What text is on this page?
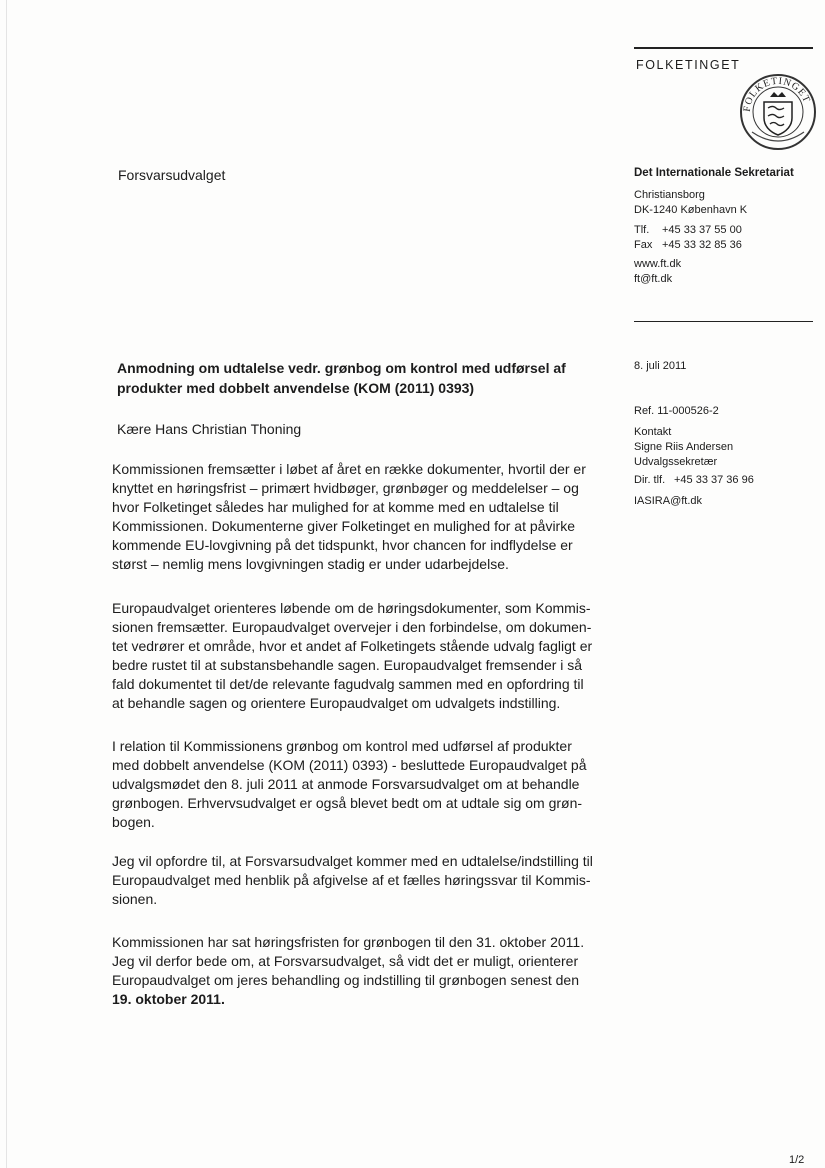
FOLKETINGET
FOLKETINGET
Forsvarsudvalget	Det Internationale Sekretariat
Christiansborg
DK-1240 København K
Tlf.	+45 33 37 55 00
Fax +45 33 32 85 36
www.ft.dk
ft@ft.dk
8. juli 2011
Ref. 11-000526-2
Kontakt
Signe Riis Andersen
Udvalgssekretær
Dir. tlf. +45 33 37 36 96
IASIRA@ft.dk
Anmodning om udtalelse vedr. grønbog om kontrol med udførsel af
produkter med dobbelt anvendelse (KOM (2011) 0393)
Kære Hans Christian Thoning
Kommissionen fremsætter i løbet af året en række dokumenter, hvortil der er
knyttet en høringsfrist – primært hvidbøger, grønbøger og meddelelser – og
hvor Folketinget således har mulighed for at komme med en udtalelse til
Kommissionen. Dokumenterne giver Folketinget en mulighed for at påvirke
kommende EU-lovgivning på det tidspunkt, hvor chancen for indflydelse er
størst – nemlig mens lovgivningen stadig er under udarbejdelse.
Europaudvalget orienteres løbende om de høringsdokumenter, som Kommis-
sionen fremsætter. Europaudvalget overvejer i den forbindelse, om dokumen-
tet vedrører et område, hvor et andet af Folketingets stående udvalg fagligt er
bedre rustet til at substansbehandle sagen. Europaudvalget fremsender i så
fald dokumentet til det/de relevante fagudvalg sammen med en opfordring til
at behandle sagen og orientere Europaudvalget om udvalgets indstilling.
I relation til Kommissionens grønbog om kontrol med udførsel af produkter
med dobbelt anvendelse (KOM (2011) 0393) - besluttede Europaudvalget på
udvalgsmødet den 8. juli 2011 at anmode Forsvarsudvalget om at behandle
grønbogen. Erhvervsudvalget er også blevet bedt om at udtale sig om grøn-
bogen.
Jeg vil opfordre til, at Forsvarsudvalget kommer med en udtalelse/indstilling til
Europaudvalget med henblik på afgivelse af et fælles høringssvar til Kommis-
sionen.
Kommissionen har sat høringsfristen for grønbogen til den 31. oktober 2011.
Jeg vil derfor bede om, at Forsvarsudvalget, så vidt det er muligt, orienterer
Europaudvalget om jeres behandling og indstilling til grønbogen senest den
19. oktober 2011.
1/2
